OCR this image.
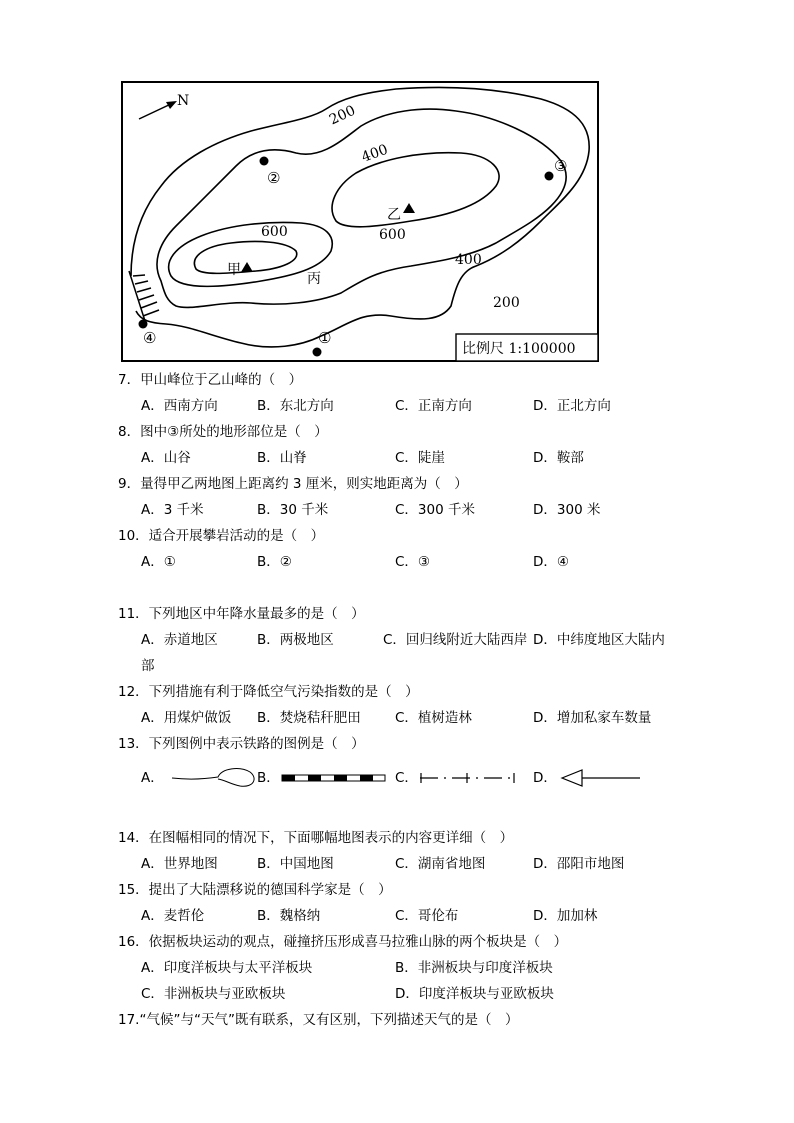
N
200
400
600	600
400
200
甲
乙
丙
②
③
①
④
比例尺 1:100000
7．甲山峰位于乙山峰的（　）
A．西南方向	B．东北方向	C．正南方向	D．正北方向
8．图中③所处的地形部位是（　）
A．山谷	B．山脊	C．陡崖	D．鞍部
9．量得甲乙两地图上距离约 3 厘米，则实地距离为（　）
A．3 千米	B．30 千米	C．300 千米	D．300 米
10．适合开展攀岩活动的是（　）
A．①	B．②	C．③	D．④
11．下列地区中年降水量最多的是（　）
A．赤道地区	B．两极地区	C．回归线附近大陆西岸 D．中纬度地区大陆内
部
12．下列措施有利于降低空气污染指数的是（　）
A．用煤炉做饭 B．焚烧秸秆肥田	C．植树造林	D．增加私家车数量
13．下列图例中表示铁路的图例是（　）
A．	B．	C．	D．
14．在图幅相同的情况下，下面哪幅地图表示的内容更详细（　）
A．世界地图	B．中国地图	C．湖南省地图	D．邵阳市地图
15．提出了大陆漂移说的德国科学家是（　）
A．麦哲伦	B．魏格纳	C．哥伦布	D．加加林
16．依据板块运动的观点，碰撞挤压形成喜马拉雅山脉的两个板块是（　）
A．印度洋板块与太平洋板块	B．非洲板块与印度洋板块
C．非洲板块与亚欧板块	D．印度洋板块与亚欧板块
17.“气候”与“天气”既有联系，又有区别，下列描述天气的是（　）
